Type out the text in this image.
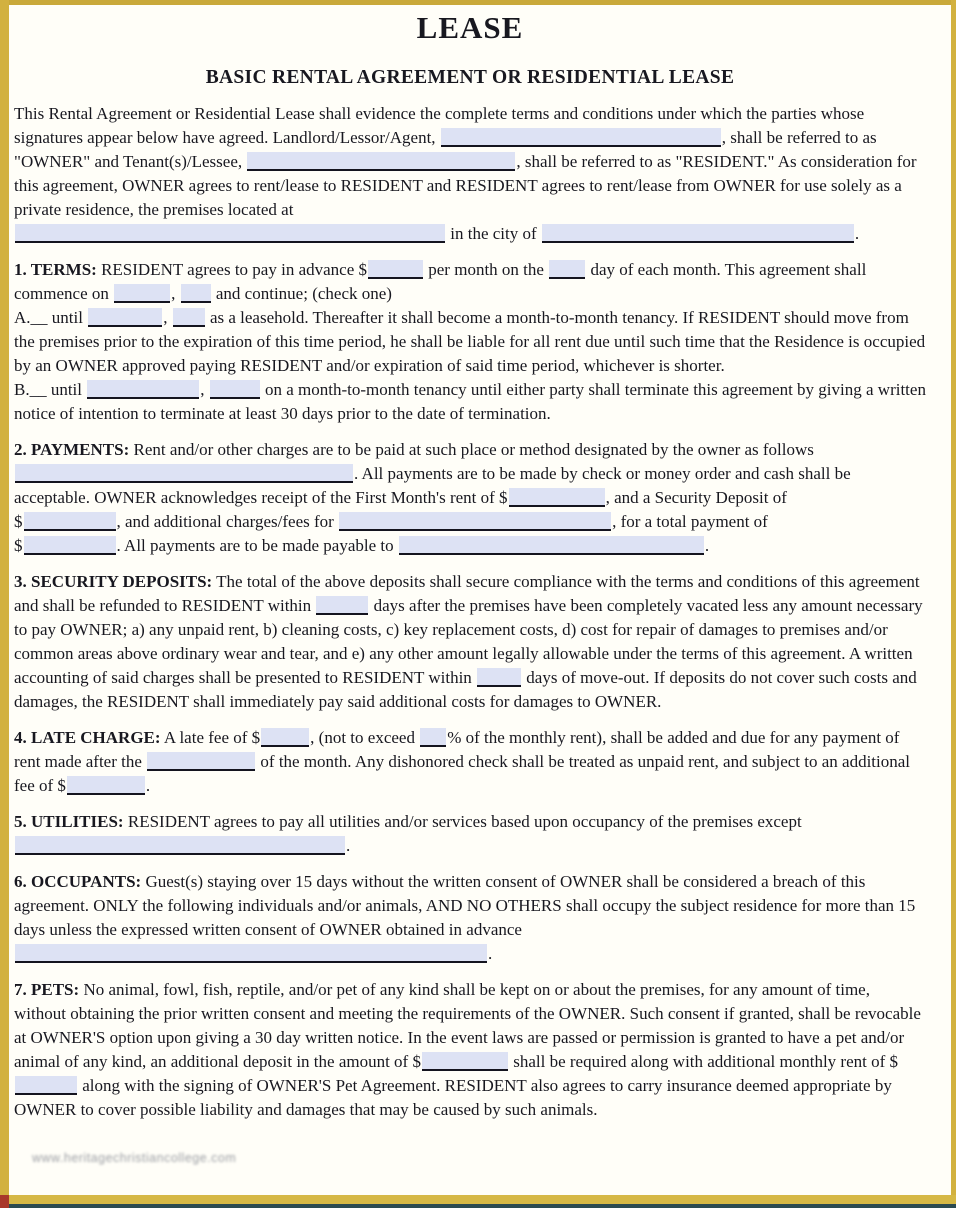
LEASE
BASIC RENTAL AGREEMENT OR RESIDENTIAL LEASE

This Rental Agreement or Residential Lease shall evidence the complete terms and conditions under which the parties whose signatures appear below have agreed. Landlord/Lessor/Agent,	, shall be referred to as "OWNER" and Tenant(s)/Lessee,	, shall be referred to as "RESIDENT." As consideration for this agreement, OWNER agrees to rent/lease to RESIDENT and RESIDENT agrees to rent/lease from OWNER for use solely as a private residence, the premises located at
in the city of	.

1. TERMS: RESIDENT agrees to pay in advance $	per month on the  day of each month. This agreement shall commence on	,  and continue; (check one)
A.__ until	,  as a leasehold. Thereafter it shall become a month-to-month tenancy. If RESIDENT should move from the premises prior to the expiration of this time period, he shall be liable for all rent due until such time that the Residence is occupied by an OWNER approved paying RESIDENT and/or expiration of said time period, whichever is shorter.
B.__ until	,	on a month-to-month tenancy until either party shall terminate this agreement by giving a written notice of intention to terminate at least 30 days prior to the date of termination.

2. PAYMENTS: Rent and/or other charges are to be paid at such place or method designated by the owner as follows
. All payments are to be made by check or money order and cash shall be acceptable. OWNER acknowledges receipt of the First Month's rent of $	, and a Security Deposit of
$	, and additional charges/fees for	, for a total payment of
$	. All payments are to be made payable to	.

3. SECURITY DEPOSITS: The total of the above deposits shall secure compliance with the terms and conditions of this agreement and shall be refunded to RESIDENT within	days after the premises have been completely vacated less any amount necessary to pay OWNER; a) any unpaid rent, b) cleaning costs, c) key replacement costs, d) cost for repair of damages to premises and/or common areas above ordinary wear and tear, and e) any other amount legally allowable under the terms of this agreement. A written accounting of said charges shall be presented to RESIDENT within	days of move-out. If deposits do not cover such costs and damages, the RESIDENT shall immediately pay said additional costs for damages to OWNER.

4. LATE CHARGE: A late fee of $	, (not to exceed % of the monthly rent), shall be added and due for any payment of rent made after the	of the month. Any dishonored check shall be treated as unpaid rent, and subject to an additional fee of $	.

5. UTILITIES: RESIDENT agrees to pay all utilities and/or services based upon occupancy of the premises except
.

6. OCCUPANTS: Guest(s) staying over 15 days without the written consent of OWNER shall be considered a breach of this agreement. ONLY the following individuals and/or animals, AND NO OTHERS shall occupy the subject residence for more than 15 days unless the expressed written consent of OWNER obtained in advance
.

7. PETS: No animal, fowl, fish, reptile, and/or pet of any kind shall be kept on or about the premises, for any amount of time, without obtaining the prior written consent and meeting the requirements of the OWNER. Such consent if granted, shall be revocable at OWNER'S option upon giving a 30 day written notice. In the event laws are passed or permission is granted to have a pet and/or animal of any kind, an additional deposit in the amount of $	shall be required along with additional monthly rent of $ along with the signing of OWNER'S Pet Agreement. RESIDENT also agrees to carry insurance deemed appropriate by OWNER to cover possible liability and damages that may be caused by such animals.

www.heritagechristiancollege.com
